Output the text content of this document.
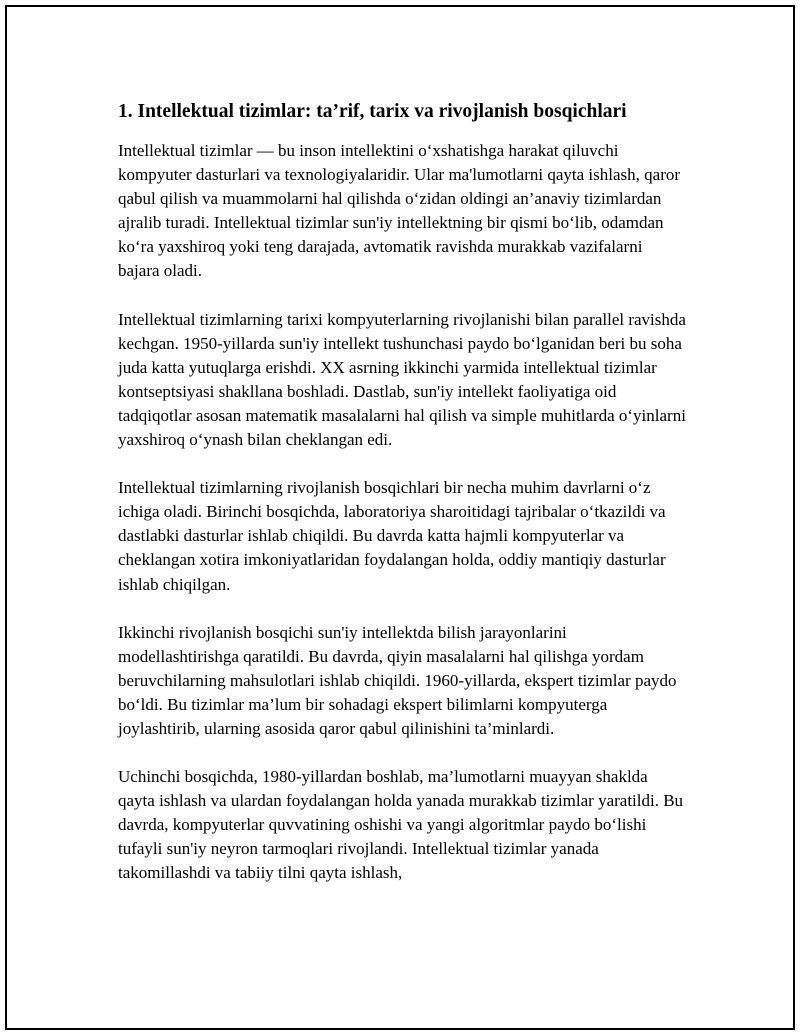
1. Intellektual tizimlar: ta’rif, tarix va rivojlanish bosqichlari

Intellektual tizimlar — bu inson intellektini o‘xshatishga harakat qiluvchi kompyuter dasturlari va texnologiyalaridir. Ular ma'lumotlarni qayta ishlash, qaror qabul qilish va muammolarni hal qilishda o‘zidan oldingi an’anaviy tizimlardan ajralib turadi. Intellektual tizimlar sun'iy intellektning bir qismi bo‘lib, odamdan ko‘ra yaxshiroq yoki teng darajada, avtomatik ravishda murakkab vazifalarni bajara oladi.

Intellektual tizimlarning tarixi kompyuterlarning rivojlanishi bilan parallel ravishda kechgan. 1950-yillarda sun'iy intellekt tushunchasi paydo bo‘lganidan beri bu soha juda katta yutuqlarga erishdi. XX asrning ikkinchi yarmida intellektual tizimlar kontseptsiyasi shakllana boshladi. Dastlab, sun'iy intellekt faoliyatiga oid tadqiqotlar asosan matematik masalalarni hal qilish va simple muhitlarda o‘yinlarni yaxshiroq o‘ynash bilan cheklangan edi.

Intellektual tizimlarning rivojlanish bosqichlari bir necha muhim davrlarni o‘z ichiga oladi. Birinchi bosqichda, laboratoriya sharoitidagi tajribalar o‘tkazildi va dastlabki dasturlar ishlab chiqildi. Bu davrda katta hajmli kompyuterlar va cheklangan xotira imkoniyatlaridan foydalangan holda, oddiy mantiqiy dasturlar ishlab chiqilgan.

Ikkinchi rivojlanish bosqichi sun'iy intellektda bilish jarayonlarini modellashtirishga qaratildi. Bu davrda, qiyin masalalarni hal qilishga yordam beruvchilarning mahsulotlari ishlab chiqildi. 1960-yillarda, ekspert tizimlar paydo bo‘ldi. Bu tizimlar ma’lum bir sohadagi ekspert bilimlarni kompyuterga joylashtirib, ularning asosida qaror qabul qilinishini ta’minlardi.

Uchinchi bosqichda, 1980-yillardan boshlab, ma’lumotlarni muayyan shaklda qayta ishlash va ulardan foydalangan holda yanada murakkab tizimlar yaratildi. Bu davrda, kompyuterlar quvvatining oshishi va yangi algoritmlar paydo bo‘lishi tufayli sun'iy neyron tarmoqlari rivojlandi. Intellektual tizimlar yanada takomillashdi va tabiiy tilni qayta ishlash,
